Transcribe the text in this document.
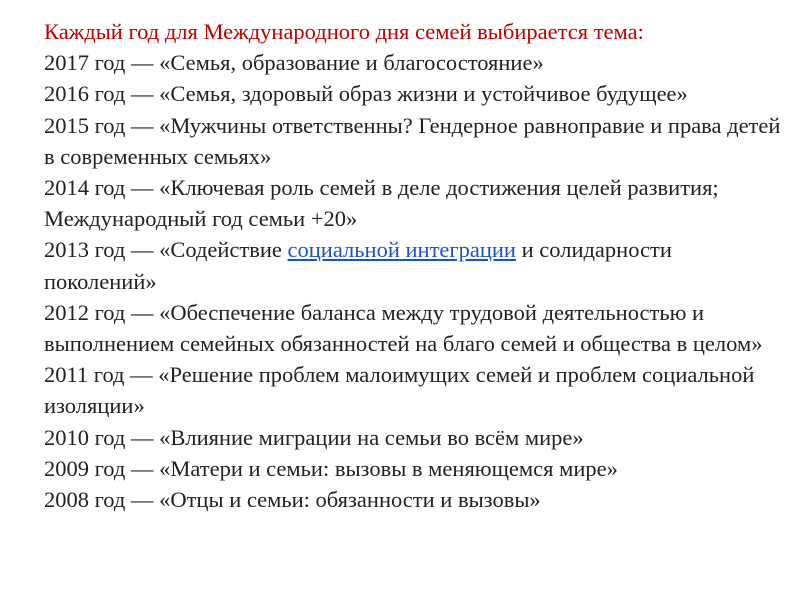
Каждый год для Международного дня семей выбирается тема:

2017 год — «Семья, образование и благосостояние»

2016 год — «Семья, здоровый образ жизни и устойчивое будущее»

2015 год — «Мужчины ответственны? Гендерное равноправие и права детей в современных семьях»

2014 год — «Ключевая роль семей в деле достижения целей развития; Международный год семьи +20»

2013 год — «Содействие социальной интеграции и солидарности поколений»

2012 год — «Обеспечение баланса между трудовой деятельностью и выполнением семейных обязанностей на благо семей и общества в целом»

2011 год — «Решение проблем малоимущих семей и проблем социальной изоляции»

2010 год — «Влияние миграции на семьи во всём мире»

2009 год — «Матери и семьи: вызовы в меняющемся мире»

2008 год — «Отцы и семьи: обязанности и вызовы»
